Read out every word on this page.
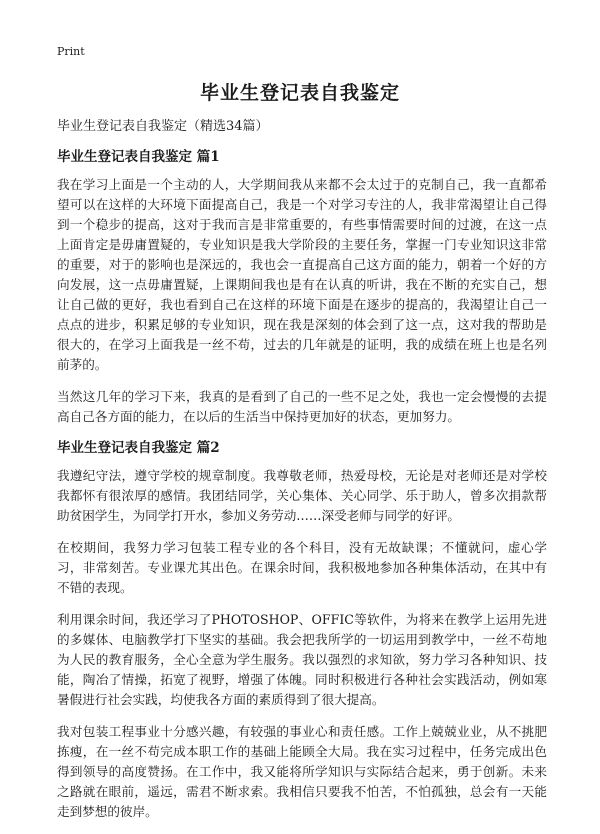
Print
毕业生登记表自我鉴定
毕业生登记表自我鉴定（精选34篇）
毕业生登记表自我鉴定 篇1

我在学习上面是一个主动的人，大学期间我从来都不会太过于的克制自己，我一直都希望可以在这样的大环境下面提高自己，我是一个对学习专注的人，我非常渴望让自己得到一个稳步的提高，这对于我而言是非常重要的，有些事情需要时间的过渡，在这一点上面肯定是毋庸置疑的，专业知识是我大学阶段的主要任务，掌握一门专业知识这非常的重要，对于的影响也是深远的，我也会一直提高自己这方面的能力，朝着一个好的方向发展，这一点毋庸置疑，上课期间我也是有在认真的听讲，我在不断的充实自己，想让自己做的更好，我也看到自己在这样的环境下面是在逐步的提高的，我渴望让自己一点点的进步，积累足够的专业知识，现在我是深刻的体会到了这一点，这对我的帮助是很大的，在学习上面我是一丝不苟，过去的几年就是的证明，我的成绩在班上也是名列前茅的。

当然这几年的学习下来，我真的是看到了自己的一些不足之处，我也一定会慢慢的去提高自己各方面的能力，在以后的生活当中保持更加好的状态，更加努力。

毕业生登记表自我鉴定 篇2

我遵纪守法，遵守学校的规章制度。我尊敬老师，热爱母校，无论是对老师还是对学校我都怀有很浓厚的感情。我团结同学，关心集体、关心同学、乐于助人，曾多次捐款帮助贫困学生，为同学打开水，参加义务劳动……深受老师与同学的好评。

在校期间，我努力学习包装工程专业的各个科目，没有无故缺课；不懂就问，虚心学习，非常刻苦。专业课尤其出色。在课余时间，我积极地参加各种集体活动，在其中有不错的表现。

利用课余时间，我还学习了PHOTOSHOP、OFFIC等软件，为将来在教学上运用先进的多媒体、电脑教学打下坚实的基础。我会把我所学的一切运用到教学中，一丝不苟地为人民的教育服务，全心全意为学生服务。我以强烈的求知欲，努力学习各种知识、技能，陶冶了情操，拓宽了视野，增强了体魄。同时积极进行各种社会实践活动，例如寒暑假进行社会实践，均使我各方面的素质得到了很大提高。

我对包装工程事业十分感兴趣，有较强的事业心和责任感。工作上兢兢业业，从不挑肥拣瘦，在一丝不苟完成本职工作的基础上能顾全大局。我在实习过程中，任务完成出色得到领导的高度赞扬。在工作中，我又能将所学知识与实际结合起来，勇于创新。未来之路就在眼前，遥远，需君不断求索。我相信只要我不怕苦，不怕孤独，总会有一天能走到梦想的彼岸。
